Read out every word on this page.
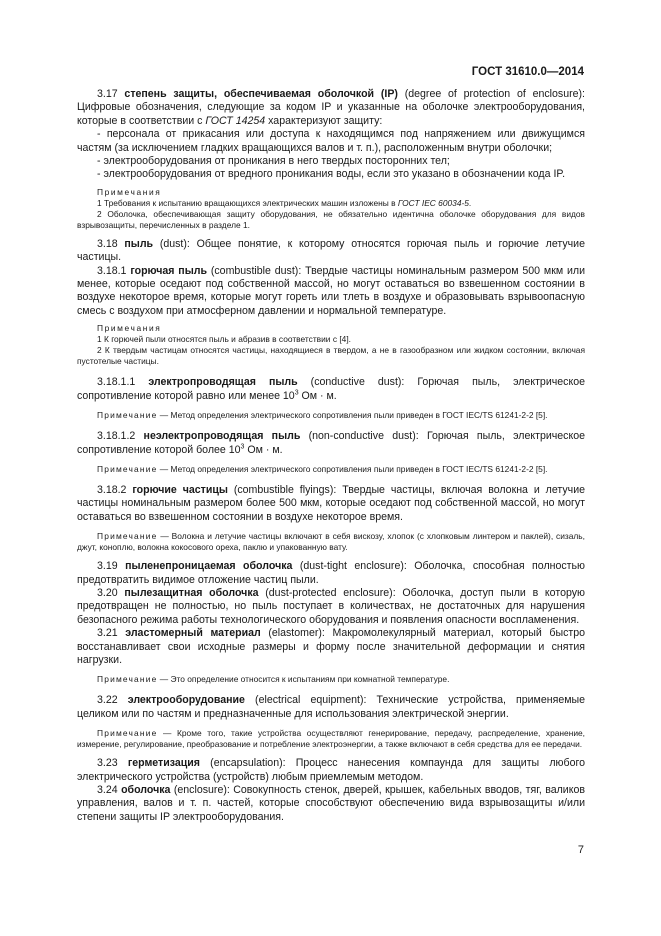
ГОСТ 31610.0—2014

3.17 степень защиты, обеспечиваемая оболочкой (IP) (degree of protection of enclosure): Цифровые обозначения, следующие за кодом IP и указанные на оболочке электрооборудования, которые в соответствии с ГОСТ 14254 характеризуют защиту:

- персонала от прикасания или доступа к находящимся под напряжением или движущимся частям (за исключением гладких вращающихся валов и т. п.), расположенным внутри оболочки;

- электрооборудования от проникания в него твердых посторонних тел;

- электрооборудования от вредного проникания воды, если это указано в обозначении кода IP.

Примечания

1 Требования к испытанию вращающихся электрических машин изложены в ГОСТ IEC 60034-5.

2 Оболочка, обеспечивающая защиту оборудования, не обязательно идентична оболочке оборудования для видов взрывозащиты, перечисленных в разделе 1.

3.18 пыль (dust): Общее понятие, к которому относятся горючая пыль и горючие летучие частицы.

3.18.1 горючая пыль (combustible dust): Твердые частицы номинальным размером 500 мкм или менее, которые оседают под собственной массой, но могут оставаться во взвешенном состоянии в воздухе некоторое время, которые могут гореть или тлеть в воздухе и образовывать взрывоопасную смесь с воздухом при атмосферном давлении и нормальной температуре.

Примечания

1 К горючей пыли относятся пыль и абразив в соответствии с [4].

2 К твердым частицам относятся частицы, находящиеся в твердом, а не в газообразном или жидком состоянии, включая пустотелые частицы.

3.18.1.1 электропроводящая пыль (conductive dust): Горючая пыль, электрическое сопротивление которой равно или менее $10^3$ Ом · м.

Примечание — Метод определения электрического сопротивления пыли приведен в ГОСТ IEC/TS 61241-2-2 [5].

3.18.1.2 неэлектропроводящая пыль (non-conductive dust): Горючая пыль, электрическое сопротивление которой более $10^3$ Ом · м.

Примечание — Метод определения электрического сопротивления пыли приведен в ГОСТ IEC/TS 61241-2-2 [5].

3.18.2 горючие частицы (combustible flyings): Твердые частицы, включая волокна и летучие частицы номинальным размером более 500 мкм, которые оседают под собственной массой, но могут оставаться во взвешенном состоянии в воздухе некоторое время.

Примечание — Волокна и летучие частицы включают в себя вискозу, хлопок (с хлопковым линтером и паклей), сизаль, джут, коноплю, волокна кокосового ореха, паклю и упакованную вату.

3.19 пыленепроницаемая оболочка (dust-tight enclosure): Оболочка, способная полностью предотвратить видимое отложение частиц пыли.

3.20 пылезащитная оболочка (dust-protected enclosure): Оболочка, доступ пыли в которую предотвращен не полностью, но пыль поступает в количествах, не достаточных для нарушения безопасного режима работы технологического оборудования и появления опасности воспламенения.

3.21 эластомерный материал (elastomer): Макромолекулярный материал, который быстро восстанавливает свои исходные размеры и форму после значительной деформации и снятия нагрузки.

Примечание — Это определение относится к испытаниям при комнатной температуре.

3.22 электрооборудование (electrical equipment): Технические устройства, применяемые целиком или по частям и предназначенные для использования электрической энергии.

Примечание — Кроме того, такие устройства осуществляют генерирование, передачу, распределение, хранение, измерение, регулирование, преобразование и потребление электроэнергии, а также включают в себя средства для ее передачи.

3.23 герметизация (encapsulation): Процесс нанесения компаунда для защиты любого электрического устройства (устройств) любым приемлемым методом.

3.24 оболочка (enclosure): Совокупность стенок, дверей, крышек, кабельных вводов, тяг, валиков управления, валов и т. п. частей, которые способствуют обеспечению вида взрывозащиты и/или степени защиты IP электрооборудования.

7
